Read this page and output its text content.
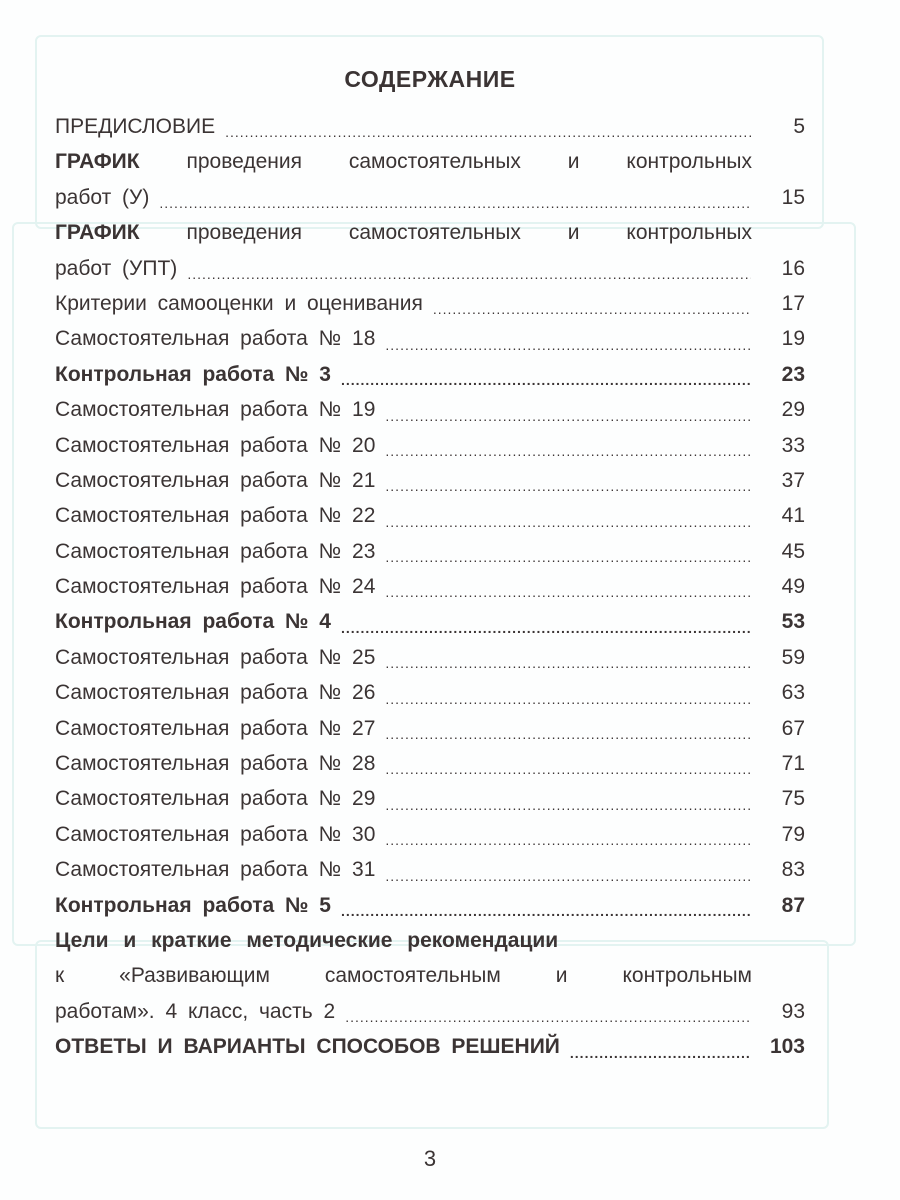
СОДЕРЖАНИЕ
ПРЕДИСЛОВИЕ .....	5
ГРАФИК проведения самостоятельных и контрольных
работ (У) .....	15
ГРАФИК проведения самостоятельных и контрольных
работ (УПТ) .....	16
Критерии самооценки и оценивания .....	17
Самостоятельная работа № 18 .....	19
Контрольная работа № 3 .....	23
Самостоятельная работа № 19 .....	29
Самостоятельная работа № 20 .....	33
Самостоятельная работа № 21 .....	37
Самостоятельная работа № 22 .....	41
Самостоятельная работа № 23 .....	45
Самостоятельная работа № 24 .....	49
Контрольная работа № 4 .....	53
Самостоятельная работа № 25 .....	59
Самостоятельная работа № 26 .....	63
Самостоятельная работа № 27 .....	67
Самостоятельная работа № 28 .....	71
Самостоятельная работа № 29 .....	75
Самостоятельная работа № 30 .....	79
Самостоятельная работа № 31 .....	83
Контрольная работа № 5 .....	87
Цели и краткие методические рекомендации
к «Развивающим самостоятельным и контрольным
работам». 4 класс, часть 2 .....	93
ОТВЕТЫ И ВАРИАНТЫ СПОСОБОВ РЕШЕНИЙ .....	103
3
